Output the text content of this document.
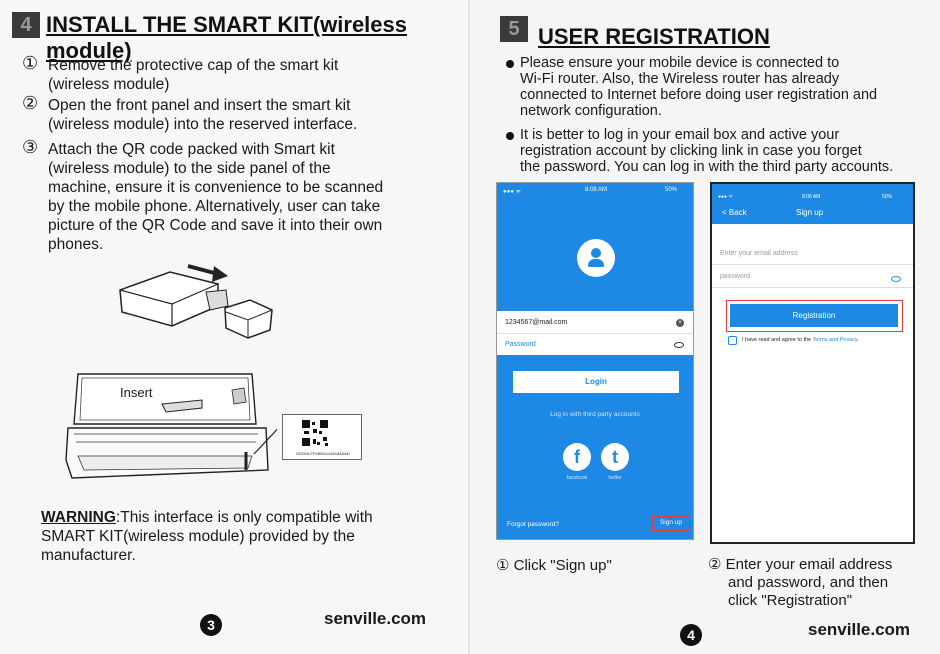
4 INSTALL THE SMART KIT(wireless module)
① Remove the protective cap of the smart kit
(wireless module)
② Open the front panel and insert the smart kit
(wireless module) into the reserved interface.
③ Attach the QR code packed with Smart kit
(wireless module) to the side panel of the
machine, ensure it is convenience to be scanned
by the mobile phone. Alternatively, user can take
picture of the QR Code and save it into their own
phones.
Insert
KDOOLFF2BW11436184AAH
WARNING:This interface is only compatible with
SMART KIT(wireless module) provided by the
manufacturer.
3	senville.com
5 USER REGISTRATION
Please ensure your mobile device is connected to
Wi-Fi router. Also, the Wireless router has already
connected to Internet before doing user registration and
network configuration.
It is better to log in your email box and active your
registration account by clicking link in case you forget
the password. You can log in with the third party accounts.
① Click "Sign up"	② Enter your email address
and password, and then
click "Registration"
4	senville.com
●●● ᯤ	8:08 AM	50%
1234567@mail.com	×
Password
Login
Log in with third party accounts
f	t
facebook	twitter
Forgot password?	Sign up
●●● ᯤ	8:08 AM	50%
< Back	Sign up
Enter your email address
password
Registration
I have read and agree to the Terms and Privacy.
